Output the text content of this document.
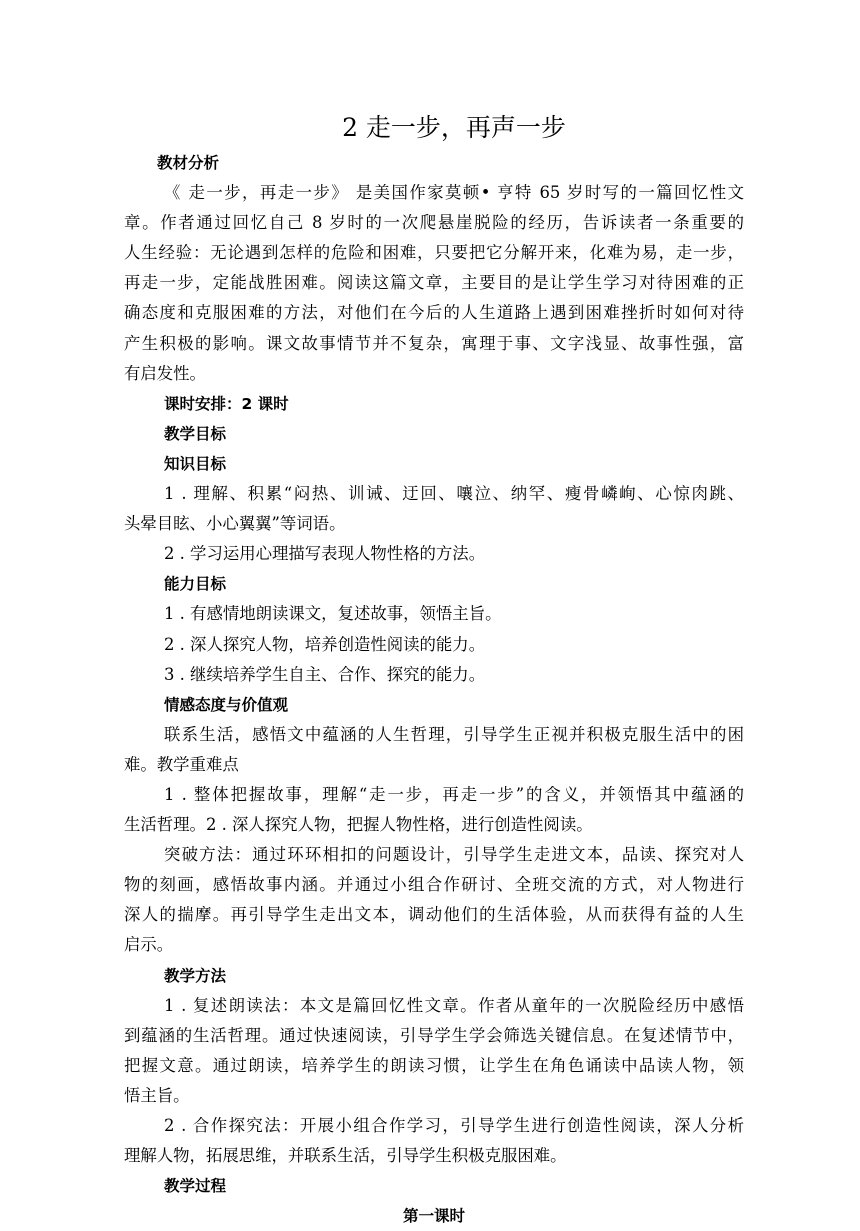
2 走一步，再声一步
教材分析
《 走一步，再走一步》 是美国作家莫顿• 亨特 65 岁时写的一篇回忆性文
章。作者通过回忆自己 8 岁时的一次爬悬崖脱险的经历，告诉读者一条重要的
人生经验：无论遇到怎样的危险和困难，只要把它分解开来，化难为易，走一步，
再走一步，定能战胜困难。阅读这篇文章，主要目的是让学生学习对待困难的正
确态度和克服困难的方法，对他们在今后的人生道路上遇到困难挫折时如何对待
产生积极的影响。课文故事情节并不复杂，寓理于事、文字浅显、故事性强，富
有启发性。
课时安排：2 课时
教学目标
知识目标
1 . 理解、积累“闷热、训诫、迂回、嚷泣、纳罕、瘦骨嶙峋、心惊肉跳、
头晕目眩、小心翼翼”等词语。
2 . 学习运用心理描写表现人物性格的方法。
能力目标
1 . 有感情地朗读课文，复述故事，领悟主旨。
2 . 深人探究人物，培养创造性阅读的能力。
3 . 继续培养学生自主、合作、探究的能力。
情感态度与价值观
联系生活，感悟文中蕴涵的人生哲理，引导学生正视并积极克服生活中的困
难。教学重难点
1 . 整体把握故事，理解“走一步，再走一步”的含义，并领悟其中蕴涵的
生活哲理。2 . 深人探究人物，把握人物性格，进行创造性阅读。
突破方法：通过环环相扣的问题设计，引导学生走进文本，品读、探究对人
物的刻画，感悟故事内涵。并通过小组合作研讨、全班交流的方式，对人物进行
深人的揣摩。再引导学生走出文本，调动他们的生活体验，从而获得有益的人生
启示。
教学方法
1 . 复述朗读法：本文是篇回忆性文章。作者从童年的一次脱险经历中感悟
到蕴涵的生活哲理。通过快速阅读，引导学生学会筛选关键信息。在复述情节中，
把握文意。通过朗读，培养学生的朗读习惯，让学生在角色诵读中品读人物，领
悟主旨。
2 . 合作探究法：开展小组合作学习，引导学生进行创造性阅读，深人分析
理解人物，拓展思维，并联系生活，引导学生积极克服困难。
教学过程
第一课时
